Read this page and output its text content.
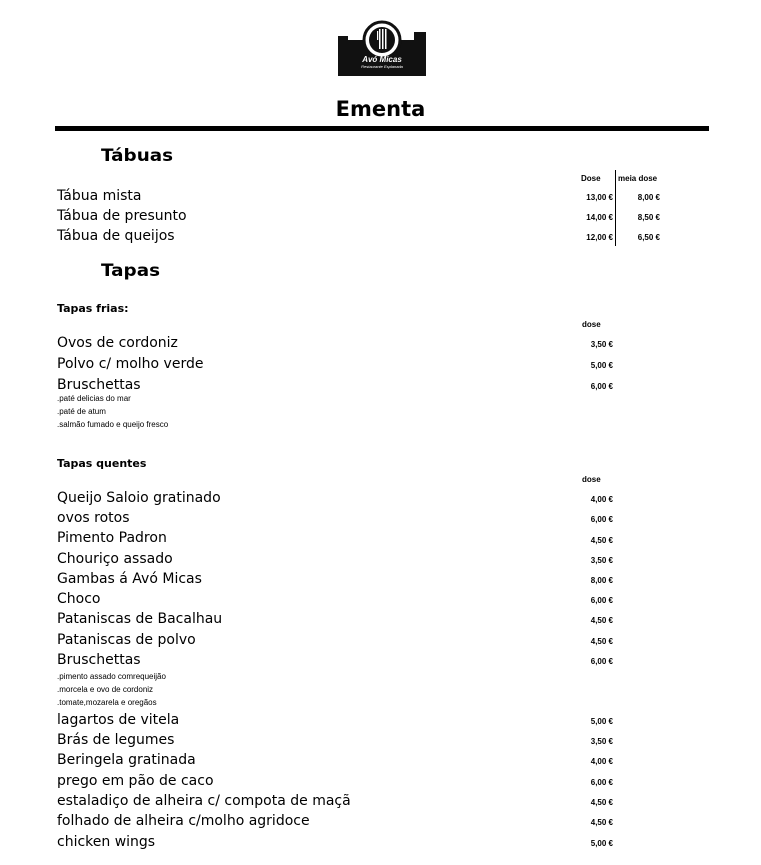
Avó Micas
Restaurante Esplanada
Ementa
Tábuas
Dose meia dose
Tábua mista	13,00 €	8,00 €
Tábua de presunto	14,00 €	8,50 €
Tábua de queijos	12,00 €	6,50 €
Tapas
Tapas frias:
dose
Ovos de cordoniz	3,50 €
Polvo c/ molho verde	5,00 €
Bruschettas	6,00 €
.paté delicias do mar
.paté de atum
.salmão fumado e queijo fresco
Tapas quentes
dose
Queijo Saloio gratinado	4,00 €
ovos rotos	6,00 €
Pimento Padron	4,50 €
Chouriço assado	3,50 €
Gambas á Avó Micas	8,00 €
Choco	6,00 €
Pataniscas de Bacalhau	4,50 €
Pataniscas de polvo	4,50 €
Bruschettas	6,00 €
.pimento assado comrequeijão
.morcela e ovo de cordoniz
.tomate,mozarela e oregãos
lagartos de vitela	5,00 €
Brás de legumes	3,50 €
Beringela gratinada	4,00 €
prego em pão de caco	6,00 €
estaladiço de alheira c/ compota de maçã	4,50 €
folhado de alheira c/molho agridoce	4,50 €
chicken wings	5,00 €
